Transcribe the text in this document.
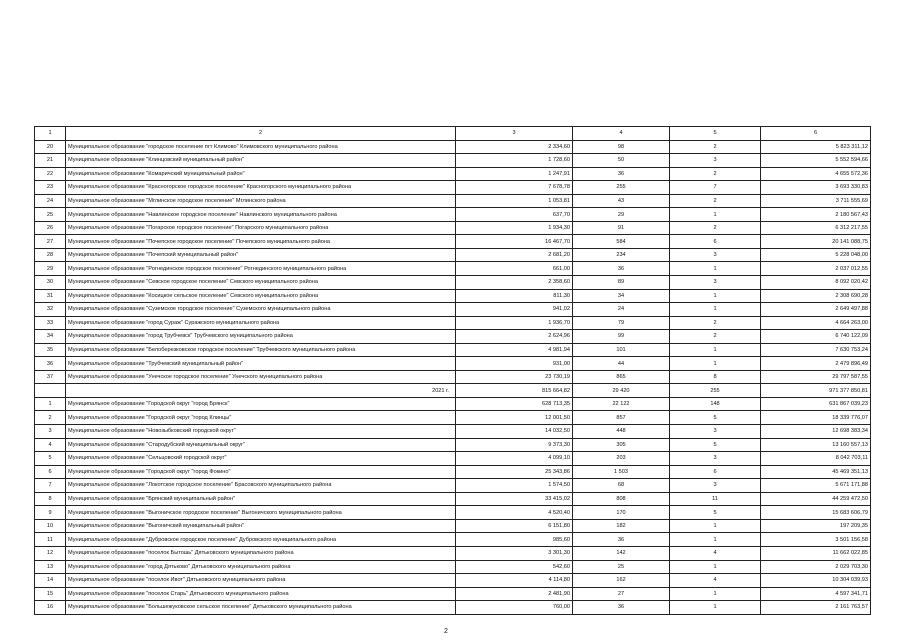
1	2	3	4	5	6
20	Муниципальное образование "городское поселение пгт Климово" Климовского муниципального района	2 334,60	98	2	5 823 311,12
21	Муниципальное образование "Клинцовский муниципальный район"	1 728,60	50	3	5 552 594,66
22	Муниципальное образование "Комаричский муниципальный район"	1 247,91	36	2	4 655 572,36
23	Муниципальное образование "Красногорское городское поселение" Красногорского муниципального района	7 678,78	255	7	3 693 330,83
24	Муниципальное образование "Мглинское городское поселение" Мглинского района	1 053,81	43	2	3 711 555,69
25	Муниципальное образование "Навлинское городское поселение" Навлинского муниципального района	637,70	29	1	2 180 567,43
26	Муниципальное образование "Погарское городское поселение" Погарского муниципального района	1 934,30	91	2	6 312 217,55
27	Муниципальное образование "Почепское городское поселение" Почепского муниципального района	16 467,70	584	6	20 141 088,75
28	Муниципальное образование "Почепский муниципальный район"	2 681,20	234	3	5 228 048,00
29	Муниципальное образование "Рогнединское городское поселение" Рогнединского муниципального района	661,00	36	1	2 037 012,55
30	Муниципальное образование "Севское городское поселение" Севского муниципального района	2 358,60	89	3	8 092 020,42
31	Муниципальное образование "Косицкое сельское поселение" Севского муниципального района	811,30	34	1	2 308 690,28
32	Муниципальное образование "Суземское городское поселение" Суземского муниципального района	941,02	24	1	2 649 497,88
33	Муниципальное образование "город Сураж" Суражского муниципального района	1 936,70	79	2	4 664 263,00
34	Муниципальное образование "город Трубчевск" Трубчевского муниципального района	2 624,96	99	2	6 740 122,09
35	Муниципальное образование "Белоберезковское городское поселение" Трубчевского муниципального района	4 981,94	101	1	7 630 753,24
36	Муниципальное образование "Трубчевский муниципальный район"	931,00	44	1	2 479 896,49
37	Муниципальное образование "Унечское городское поселение" Унечского муниципального района	23 730,19	865	8	29 797 587,55
	2021 г.	815 664,82	29 420	255	971 377 850,81
1	Муниципальное образование "Городской округ "город Брянск"	628 713,35	22 122	148	631 867 039,23
2	Муниципальное образование "Городской округ "город Клинцы"	12 001,50	857	5	18 339 776,07
3	Муниципальное образование "Новозыбковский городской округ"	14 032,50	448	3	12 698 383,34
4	Муниципальное образование "Стародубский муниципальный округ"	9 373,30	305	5	13 160 557,13
5	Муниципальное образование "Сельцовский городской округ"	4 099,10	203	3	8 042 703,11
6	Муниципальное образование "Городской округ "город Фокино"	25 343,86	1 503	6	45 469 351,13
7	Муниципальное образование "Локотское городское поселение" Брасовского муниципального района	1 574,50	68	3	5 671 171,88
8	Муниципальное образование "Брянский муниципальный район"	33 415,02	808	11	44 259 472,50
9	Муниципальное образование "Выгоничское городское поселение" Выгоничского муниципального района	4 520,40	170	5	15 683 606,79
10	Муниципальное образование "Выгоничский муниципальный район"	6 151,80	182	1	197 209,35
11	Муниципальное образование "Дубровское городское поселение" Дубровского муниципального района	985,60	36	1	3 501 156,58
12	Муниципальное образование "поселок Бытошь" Дятьковского муниципального района	3 301,30	142	4	11 662 022,85
13	Муниципальное образование "город Дятьково" Дятьковского муниципального района	542,60	25	1	2 029 703,30
14	Муниципальное образование "поселок Ивот" Дятьковского муниципального района	4 114,80	162	4	10 304 039,93
15	Муниципальное образование "поселок Старь" Дятьковского муниципального района	2 481,90	27	1	4 597 341,71
16	Муниципальное образование "Большежуковское сельское поселение" Дятьковского муниципального района	760,00	36	1	2 161 763,57
2
